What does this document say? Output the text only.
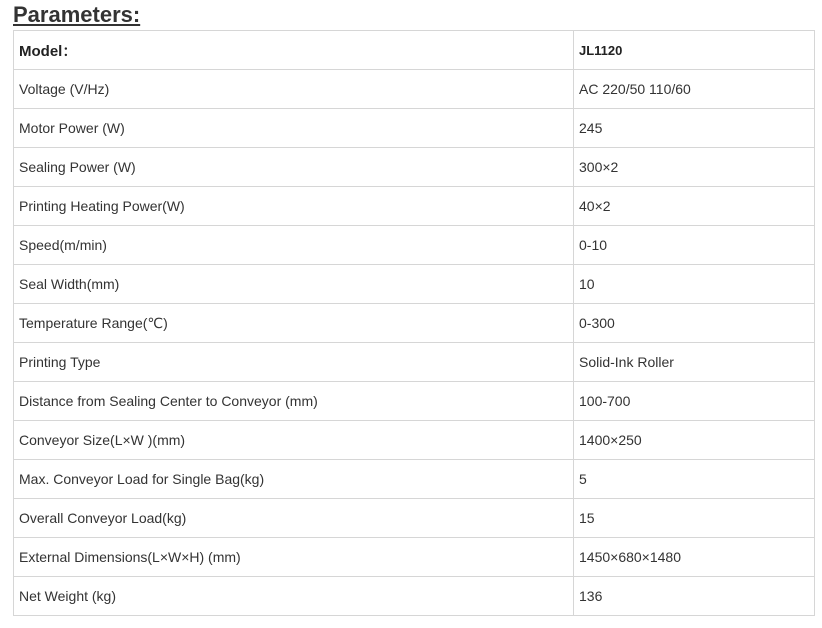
Parameters:
Model：	JL1120
Voltage (V/Hz)	AC 220/50 110/60
Motor Power (W)	245
Sealing Power (W)	300×2
Printing Heating Power(W)	40×2
Speed(m/min)	0-10
Seal Width(mm)	10
Temperature Range(℃)	0-300
Printing Type	Solid-Ink Roller
Distance from Sealing Center to Conveyor (mm)	100-700
Conveyor Size(L×W )(mm)	1400×250
Max. Conveyor Load for Single Bag(kg)	5
Overall Conveyor Load(kg)	15
External Dimensions(L×W×H) (mm)	1450×680×1480
Net Weight (kg)	136
